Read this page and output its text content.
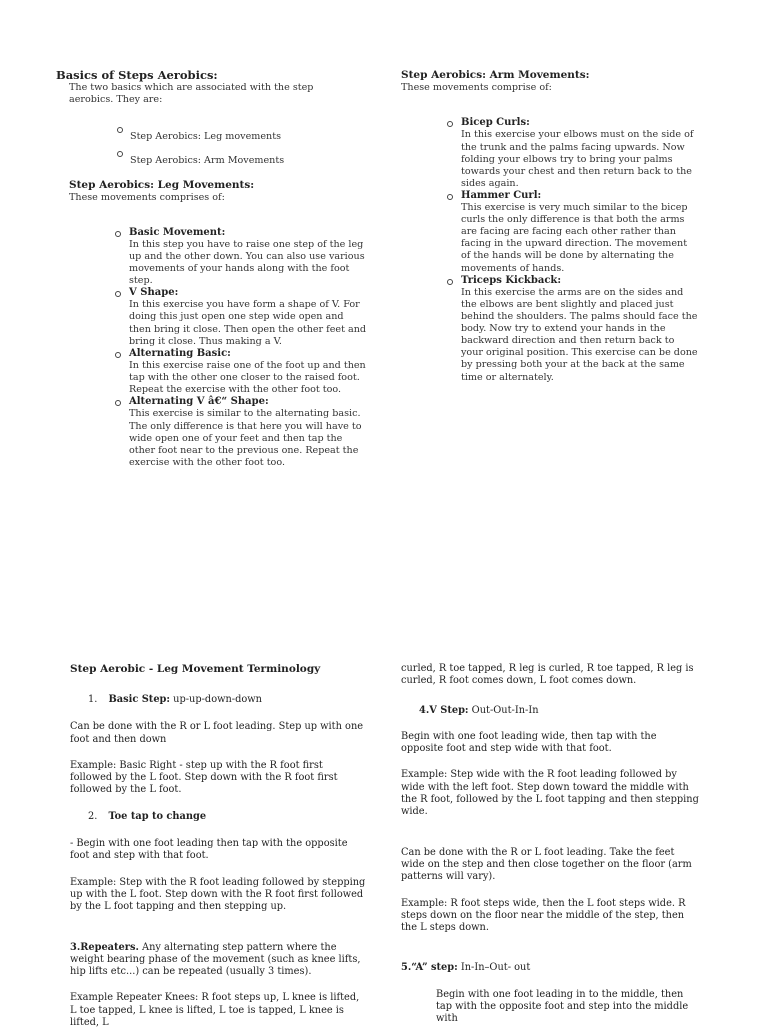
Basics of Steps Aerobics:
The two basics which are associated with the step aerobics. They are:
Step Aerobics: Leg movements
Step Aerobics: Arm Movements
Step Aerobics: Leg Movements:
These movements comprises of:
Basic Movement:
In this step you have to raise one step of the leg up and the other down. You can also use various movements of your hands along with the foot step.
V Shape:
In this exercise you have form a shape of V. For doing this just open one step wide open and then bring it close. Then open the other feet and bring it close. Thus making a V.
Alternating Basic:
In this exercise raise one of the foot up and then tap with the other one closer to the raised foot. Repeat the exercise with the other foot too.
Alternating V â€“ Shape:
This exercise is similar to the alternating basic. The only difference is that here you will have to wide open one of your feet and then tap the other foot near to the previous one. Repeat the exercise with the other foot too.
Step Aerobics: Arm Movements:
These movements comprise of:
Bicep Curls:
In this exercise your elbows must on the side of the trunk and the palms facing upwards. Now folding your elbows try to bring your palms towards your chest and then return back to the sides again.
Hammer Curl:
This exercise is very much similar to the bicep curls the only difference is that both the arms are facing are facing each other rather than facing in the upward direction. The movement of the hands will be done by alternating the movements of hands.
Triceps Kickback:
In this exercise the arms are on the sides and the elbows are bent slightly and placed just behind the shoulders. The palms should face the body. Now try to extend your hands in the backward direction and then return back to your original position. This exercise can be done by pressing both your at the back at the same time or alternately.
Step Aerobic - Leg Movement Terminology
1. Basic Step: up-up-down-down
Can be done with the R or L foot leading. Step up with one foot and then down
Example: Basic Right - step up with the R foot first followed by the L foot. Step down with the R foot first followed by the L foot.
2. Toe tap to change
- Begin with one foot leading then tap with the opposite foot and step with that foot.
Example: Step with the R foot leading followed by stepping up with the L foot. Step down with the R foot first followed by the L foot tapping and then stepping up.
3.Repeaters. Any alternating step pattern where the weight bearing phase of the movement (such as knee lifts, hip lifts etc...) can be repeated (usually 3 times).
Example Repeater Knees: R foot steps up, L knee is lifted, L toe tapped, L knee is lifted, L toe is tapped, L knee is lifted, L
curled, R toe tapped, R leg is curled, R toe tapped, R leg is curled, R foot comes down, L foot comes down.
4.V Step: Out-Out-In-In
Begin with one foot leading wide, then tap with the opposite foot and step wide with that foot.
Example: Step wide with the R foot leading followed by wide with the left foot. Step down toward the middle with the R foot, followed by the L foot tapping and then stepping wide.
Can be done with the R or L foot leading. Take the feet wide on the step and then close together on the floor (arm patterns will vary).
Example: R foot steps wide, then the L foot steps wide. R steps down on the floor near the middle of the step, then the L steps down.
5.“A” step: In-In–Out- out
Begin with one foot leading in to the middle, then tap with the opposite foot and step into the middle with
